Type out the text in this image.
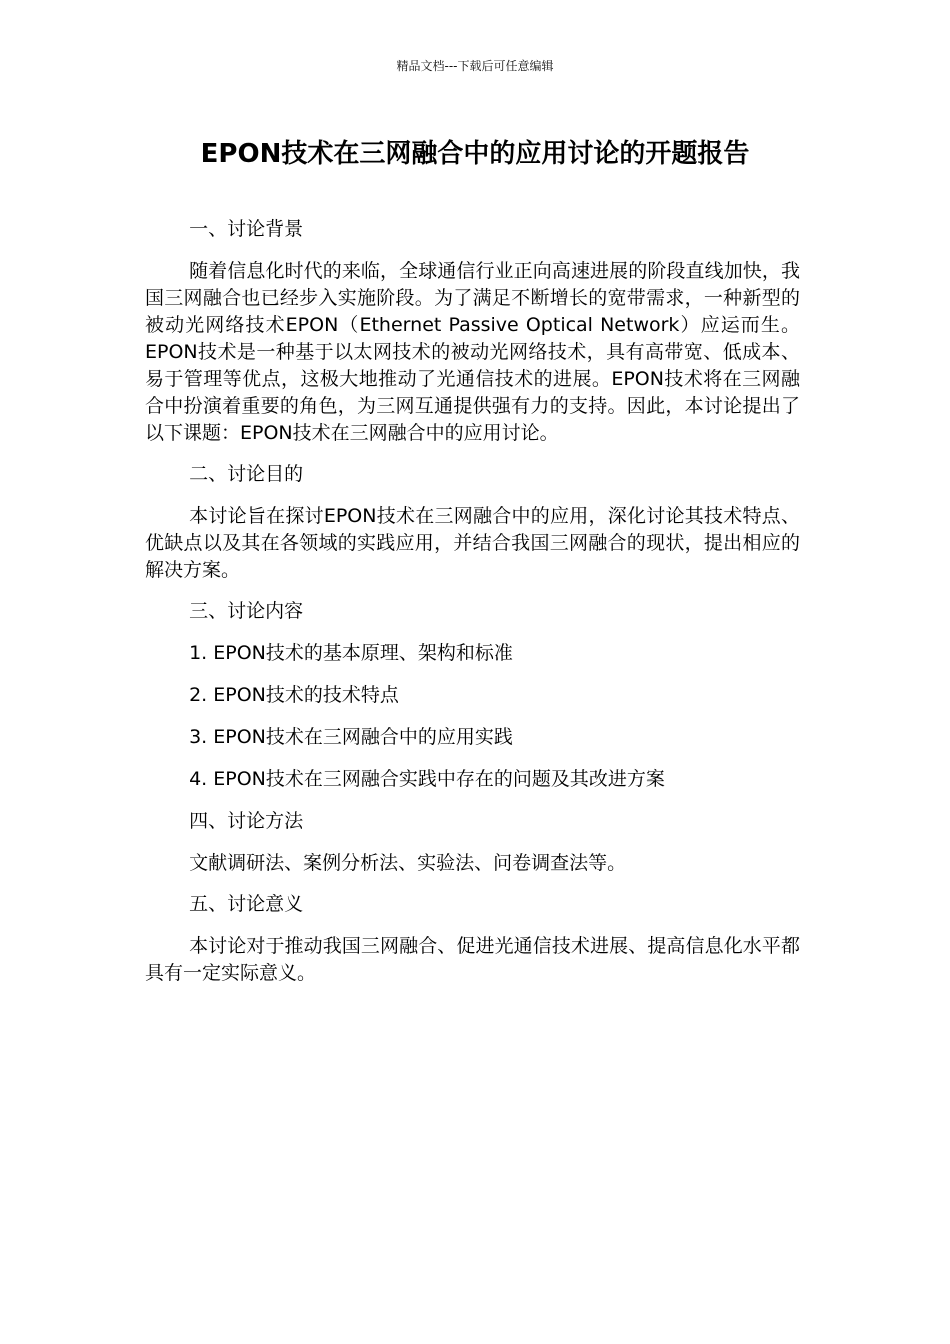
精品文档---下载后可任意编辑
EPON技术在三网融合中的应用讨论的开题报告

一、讨论背景

随着信息化时代的来临，全球通信行业正向高速进展的阶段直线加快，我国三网融合也已经步入实施阶段。为了满足不断增长的宽带需求，一种新型的被动光网络技术EPON（Ethernet Passive Optical Network）应运而生。EPON技术是一种基于以太网技术的被动光网络技术，具有高带宽、低成本、易于管理等优点，这极大地推动了光通信技术的进展。EPON技术将在三网融合中扮演着重要的角色，为三网互通提供强有力的支持。因此，本讨论提出了以下课题：EPON技术在三网融合中的应用讨论。

二、讨论目的

本讨论旨在探讨EPON技术在三网融合中的应用，深化讨论其技术特点、优缺点以及其在各领域的实践应用，并结合我国三网融合的现状，提出相应的解决方案。

三、讨论内容

1. EPON技术的基本原理、架构和标准

2. EPON技术的技术特点

3. EPON技术在三网融合中的应用实践

4. EPON技术在三网融合实践中存在的问题及其改进方案

四、讨论方法

文献调研法、案例分析法、实验法、问卷调查法等。

五、讨论意义

本讨论对于推动我国三网融合、促进光通信技术进展、提高信息化水平都具有一定实际意义。
